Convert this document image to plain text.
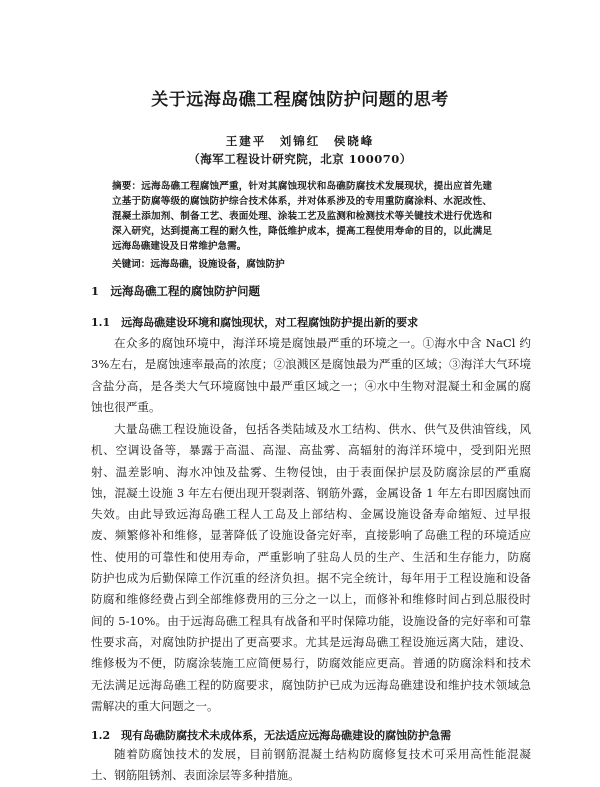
关于远海岛礁工程腐蚀防护问题的思考
王建平　刘锦红　侯晓峰
（海军工程设计研究院，北京 100070）
摘要：远海岛礁工程腐蚀严重，针对其腐蚀现状和岛礁防腐技术发展现状，提出应首先建立基于防腐等级的腐蚀防护综合技术体系，并对体系涉及的专用重防腐涂料、水泥改性、混凝土添加剂、制备工艺、表面处理、涂装工艺及监测和检测技术等关键技术进行优选和深入研究，达到提高工程的耐久性，降低维护成本，提高工程使用寿命的目的，以此满足远海岛礁建设及日常维护急需。
关键词：远海岛礁，设施设备，腐蚀防护
1　远海岛礁工程的腐蚀防护问题
1.1　远海岛礁建设环境和腐蚀现状，对工程腐蚀防护提出新的要求
在众多的腐蚀环境中，海洋环境是腐蚀最严重的环境之一。①海水中含 NaCl 约 3%左右，是腐蚀速率最高的浓度；②浪溅区是腐蚀最为严重的区域；③海洋大气环境含盐分高，是各类大气环境腐蚀中最严重区域之一；④水中生物对混凝土和金属的腐蚀也很严重。
大量岛礁工程设施设备，包括各类陆域及水工结构、供水、供气及供油管线，风机、空调设备等，暴露于高温、高湿、高盐雾、高辐射的海洋环境中，受到阳光照射、温差影响、海水冲蚀及盐雾、生物侵蚀，由于表面保护层及防腐涂层的严重腐蚀，混凝土设施 3 年左右便出现开裂剥落、钢筋外露，金属设备 1 年左右即因腐蚀而失效。由此导致远海岛礁工程人工岛及上部结构、金属设施设备寿命缩短、过早报废、频繁修补和维修，显著降低了设施设备完好率，直接影响了岛礁工程的环境适应性、使用的可靠性和使用寿命，严重影响了驻岛人员的生产、生活和生存能力，防腐防护也成为后勤保障工作沉重的经济负担。据不完全统计，每年用于工程设施和设备防腐和维修经费占到全部维修费用的三分之一以上，而修补和维修时间占到总服役时间的 5-10%。由于远海岛礁工程具有战备和平时保障功能，设施设备的完好率和可靠性要求高，对腐蚀防护提出了更高要求。尤其是远海岛礁工程设施远离大陆，建设、维修极为不便，防腐涂装施工应简便易行，防腐效能应更高。普通的防腐涂料和技术无法满足远海岛礁工程的防腐要求，腐蚀防护已成为远海岛礁建设和维护技术领域急需解决的重大问题之一。
1.2　现有岛礁防腐技术未成体系，无法适应远海岛礁建设的腐蚀防护急需
随着防腐蚀技术的发展，目前钢筋混凝土结构防腐修复技术可采用高性能混凝土、钢筋阻锈剂、表面涂层等多种措施。
